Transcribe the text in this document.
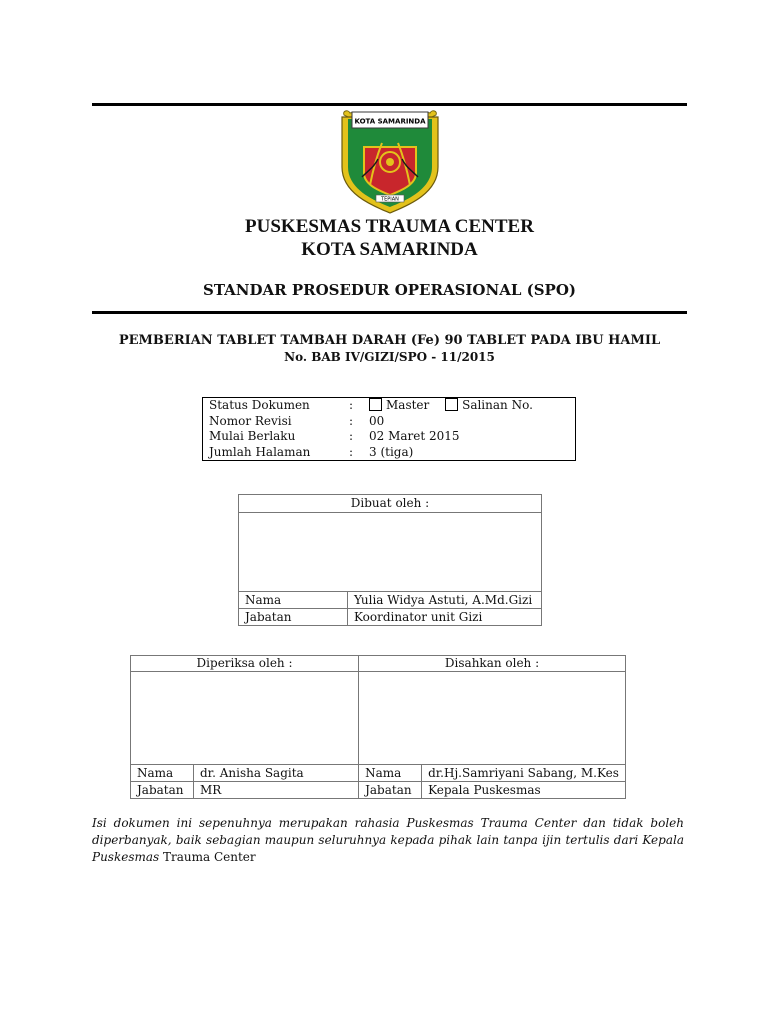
KOTA SAMARINDA
TEPIAN
PUSKESMAS TRAUMA CENTER
KOTA SAMARINDA
STANDAR PROSEDUR OPERASIONAL (SPO)
PEMBERIAN TABLET TAMBAH DARAH (Fe) 90 TABLET PADA IBU HAMIL
No. BAB IV/GIZI/SPO - 11/2015
Status Dokumen	:	Master Salinan No.
Nomor Revisi	:	00
Mulai Berlaku	:	02 Maret 2015
Jumlah Halaman	:	3 (tiga)
Dibuat oleh :	

Nama	Yulia Widya Astuti, A.Md.Gizi
Jabatan	Koordinator unit Gizi
Diperiksa oleh :		Disahkan oleh :	

Nama	dr. Anisha Sagita	Nama	dr.Hj.Samriyani Sabang, M.Kes
Jabatan	MR	Jabatan	Kepala Puskesmas
Isi dokumen ini sepenuhnya merupakan rahasia Puskesmas Trauma Center dan tidak boleh diperbanyak, baik sebagian maupun seluruhnya kepada pihak lain tanpa ijin tertulis dari Kepala Puskesmas Trauma Center
